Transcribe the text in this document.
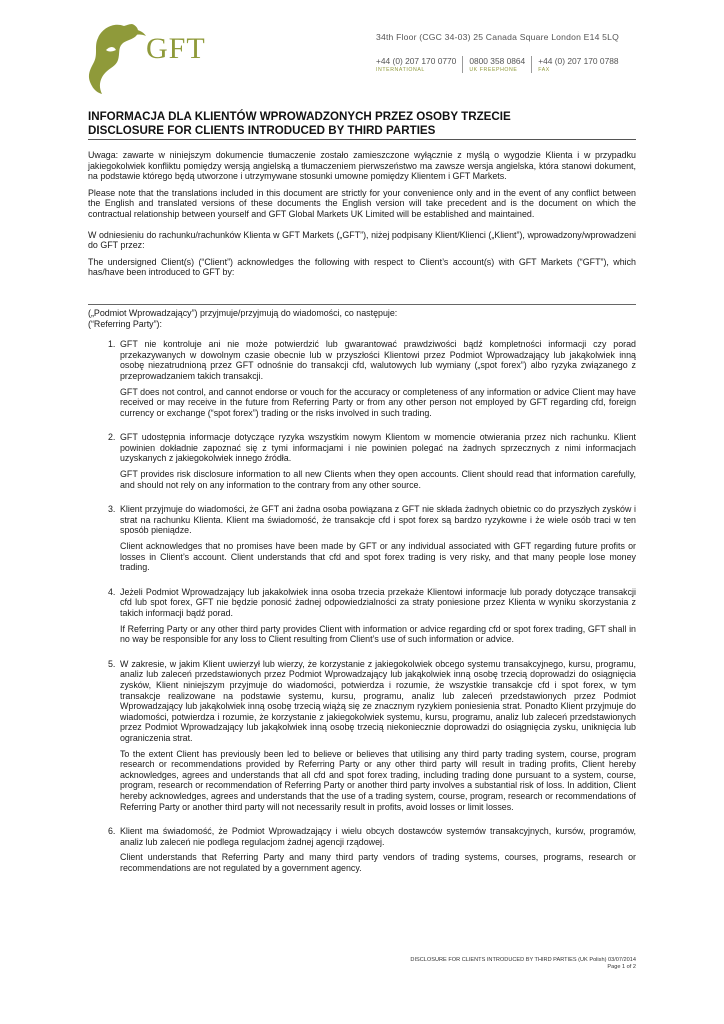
GFT	34th Floor (CGC 34-03) 25 Canada Square London E14 5LQ
+44 (0) 207 170 0770
INTERNATIONAL
0800 358 0864
UK FREEPHONE
+44 (0) 207 170 0788
FAX
INFORMACJA DLA KLIENTÓW WPROWADZONYCH PRZEZ OSOBY TRZECIE
DISCLOSURE FOR CLIENTS INTRODUCED BY THIRD PARTIES

Uwaga: zawarte w niniejszym dokumencie tłumaczenie zostało zamieszczone wyłącznie z myślą o wygodzie Klienta i w przypadku jakiegokolwiek konfliktu pomiędzy wersją angielską a tłumaczeniem pierwszeństwo ma zawsze wersja angielska, która stanowi dokument, na podstawie którego będą utworzone i utrzymywane stosunki umowne pomiędzy Klientem i GFT Markets.

Please note that the translations included in this document are strictly for your convenience only and in the event of any conflict between the English and translated versions of these documents the English version will take precedent and is the document on which the contractual relationship between yourself and GFT Global Markets UK Limited will be established and maintained.

W odniesieniu do rachunku/rachunków Klienta w GFT Markets („GFT”), niżej podpisany Klient/Klienci („Klient”), wprowadzony/wprowadzeni do GFT przez:

The undersigned Client(s) (“Client”) acknowledges the following with respect to Client’s account(s) with GFT Markets (“GFT”), which has/have been introduced to GFT by:

(„Podmiot Wprowadzający”) przyjmuje/przyjmują do wiadomości, co następuje:

(“Referring Party”):

1. GFT nie kontroluje ani nie może potwierdzić lub gwarantować prawdziwości bądź kompletności informacji czy porad przekazywanych w dowolnym czasie obecnie lub w przyszłości Klientowi przez Podmiot Wprowadzający lub jakąkolwiek inną osobę niezatrudnioną przez GFT odnośnie do transakcji cfd, walutowych lub wymiany („spot forex”) albo ryzyka związanego z przeprowadzaniem takich transakcji.

GFT does not control, and cannot endorse or vouch for the accuracy or completeness of any information or advice Client may have received or may receive in the future from Referring Party or from any other person not employed by GFT regarding cfd, foreign currency or exchange (“spot forex”) trading or the risks involved in such trading.

2. GFT udostępnia informacje dotyczące ryzyka wszystkim nowym Klientom w momencie otwierania przez nich rachunku. Klient powinien dokładnie zapoznać się z tymi informacjami i nie powinien polegać na żadnych sprzecznych z nimi informacjach uzyskanych z jakiegokolwiek innego źródła.

GFT provides risk disclosure information to all new Clients when they open accounts. Client should read that information carefully, and should not rely on any information to the contrary from any other source.

3. Klient przyjmuje do wiadomości, że GFT ani żadna osoba powiązana z GFT nie składa żadnych obietnic co do przyszłych zysków i strat na rachunku Klienta. Klient ma świadomość, że transakcje cfd i spot forex są bardzo ryzykowne i że wiele osób traci w ten sposób pieniądze.

Client acknowledges that no promises have been made by GFT or any individual associated with GFT regarding future profits or losses in Client’s account. Client understands that cfd and spot forex trading is very risky, and that many people lose money trading.

4. Jeżeli Podmiot Wprowadzający lub jakakolwiek inna osoba trzecia przekaże Klientowi informacje lub porady dotyczące transakcji cfd lub spot forex, GFT nie będzie ponosić żadnej odpowiedzialności za straty poniesione przez Klienta w wyniku skorzystania z takich informacji bądź porad.

If Referring Party or any other third party provides Client with information or advice regarding cfd or spot forex trading, GFT shall in no way be responsible for any loss to Client resulting from Client’s use of such information or advice.

5. W zakresie, w jakim Klient uwierzył lub wierzy, że korzystanie z jakiegokolwiek obcego systemu transakcyjnego, kursu, programu, analiz lub zaleceń przedstawionych przez Podmiot Wprowadzający lub jakąkolwiek inną osobę trzecią doprowadzi do osiągnięcia zysków, Klient niniejszym przyjmuje do wiadomości, potwierdza i rozumie, że wszystkie transakcje cfd i spot forex, w tym transakcje realizowane na podstawie systemu, kursu, programu, analiz lub zaleceń przedstawionych przez Podmiot Wprowadzający lub jakąkolwiek inną osobę trzecią wiążą się ze znacznym ryzykiem poniesienia strat. Ponadto Klient przyjmuje do wiadomości, potwierdza i rozumie, że korzystanie z jakiegokolwiek systemu, kursu, programu, analiz lub zaleceń przedstawionych przez Podmiot Wprowadzający lub jakąkolwiek inną osobę trzecią niekoniecznie doprowadzi do osiągnięcia zysku, uniknięcia lub ograniczenia strat.

To the extent Client has previously been led to believe or believes that utilising any third party trading system, course, program research or recommendations provided by Referring Party or any other third party will result in trading profits, Client hereby acknowledges, agrees and understands that all cfd and spot forex trading, including trading done pursuant to a system, course, program, research or recommendation of Referring Party or another third party involves a substantial risk of loss. In addition, Client hereby acknowledges, agrees and understands that the use of a trading system, course, program, research or recommendations of Referring Party or another third party will not necessarily result in profits, avoid losses or limit losses.

6. Klient ma świadomość, że Podmiot Wprowadzający i wielu obcych dostawców systemów transakcyjnych, kursów, programów, analiz lub zaleceń nie podlega regulacjom żadnej agencji rządowej.

Client understands that Referring Party and many third party vendors of trading systems, courses, programs, research or recommendations are not regulated by a government agency.

DISCLOSURE FOR CLIENTS INTRODUCED BY THIRD PARTIES (UK Polish) 03/07/2014
Page 1 of 2
